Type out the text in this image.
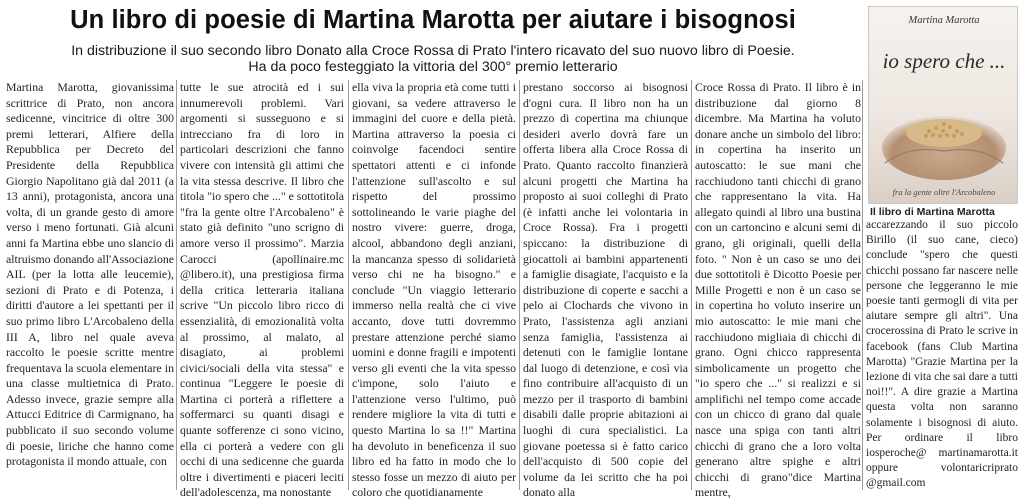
Un libro di poesie di Martina Marotta per aiutare i bisognosi
In distribuzione il suo secondo libro Donato alla Croce Rossa di Prato l'intero ricavato del suo nuovo libro di Poesie.
Ha da poco festeggiato la vittoria del 300° premio letterario

Martina Marotta, giovanissima scrittrice di Prato, non ancora sedicenne, vincitrice di oltre 300 premi letterari, Alfiere della Repubblica per Decreto del Presidente della Repubblica Giorgio Napolitano già dal 2011 (a 13 anni), protagonista, ancora una volta, di un grande gesto di amore verso i meno fortunati. Già alcuni anni fa Martina ebbe uno slancio di altruismo donando all'Associazione AIL (per la lotta alle leucemie), sezioni di Prato e di Potenza, i diritti d'autore a lei spettanti per il suo primo libro L'Arcobaleno della III A, libro nel quale aveva raccolto le poesie scritte mentre frequentava la scuola elementare in una classe multietnica di Prato. Adesso invece, grazie sempre alla Attucci Editrice di Carmignano, ha pubblicato il suo secondo volume di poesie, liriche che hanno come protagonista il mondo attuale, con

tutte le sue atrocità ed i sui innumerevoli problemi. Vari argomenti si susseguono e si intrecciano fra di loro in particolari descrizioni che fanno vivere con intensità gli attimi che la vita stessa descrive. Il libro che titola "io spero che ..." e sottotitola "fra la gente oltre l'Arcobaleno" è stato già definito "uno scrigno di amore verso il prossimo". Marzia Carocci (apollinaire.mc @libero.it), una prestigiosa firma della critica letteraria italiana scrive "Un piccolo libro ricco di essenzialità, di emozionalità volta al prossimo, al malato, al disagiato, ai problemi civici/sociali della vita stessa" e continua "Leggere le poesie di Martina ci porterà a riflettere a soffermarci su quanti disagi e quante sofferenze ci sono vicino, ella ci porterà a vedere con gli occhi di una sedicenne che guarda oltre i divertimenti e piaceri leciti dell'adolescenza, ma nonostante

ella viva la propria età come tutti i giovani, sa vedere attraverso le immagini del cuore e della pietà. Martina attraverso la poesia ci coinvolge facendoci sentire spettatori attenti e ci infonde l'attenzione sull'ascolto e sul rispetto del prossimo sottolineando le varie piaghe del nostro vivere: guerre, droga, alcool, abbandono degli anziani, la mancanza spesso di solidarietà verso chi ne ha bisogno." e conclude "Un viaggio letterario immerso nella realtà che ci vive accanto, dove tutti dovremmo prestare attenzione perché siamo uomini e donne fragili e impotenti verso gli eventi che la vita spesso c'impone, solo l'aiuto e l'attenzione verso l'ultimo, può rendere migliore la vita di tutti e questo Martina lo sa !!" Martina ha devoluto in beneficenza il suo libro ed ha fatto in modo che lo stesso fosse un mezzo di aiuto per coloro che quotidianamente

prestano soccorso ai bisognosi d'ogni cura. Il libro non ha un prezzo di copertina ma chiunque desideri averlo dovrà fare un offerta libera alla Croce Rossa di Prato. Quanto raccolto finanzierà alcuni progetti che Martina ha proposto ai suoi colleghi di Prato (è infatti anche lei volontaria in Croce Rossa). Fra i progetti spiccano: la distribuzione di giocattoli ai bambini appartenenti a famiglie disagiate, l'acquisto e la distribuzione di coperte e sacchi a pelo ai Clochards che vivono in Prato, l'assistenza agli anziani senza famiglia, l'assistenza ai detenuti con le famiglie lontane dal luogo di detenzione, e così via fino contribuire all'acquisto di un mezzo per il trasporto di bambini disabili dalle proprie abitazioni ai luoghi di cura specialistici. La giovane poetessa si è fatto carico dell'acquisto di 500 copie del volume da lei scritto che ha poi donato alla

Croce Rossa di Prato. Il libro è in distribuzione dal giorno 8 dicembre. Ma Martina ha voluto donare anche un simbolo del libro: in copertina ha inserito un autoscatto: le sue mani che racchiudono tanti chicchi di grano che rappresentano la vita. Ha allegato quindi al libro una bustina con un cartoncino e alcuni semi di grano, gli originali, quelli della foto. " Non è un caso se uno dei due sottotitoli è Dicotto Poesie per Mille Progetti e non è un caso se in copertina ho voluto inserire un mio autoscatto: le mie mani che racchiudono migliaia di chicchi di grano. Ogni chicco rappresenta simbolicamente un progetto che "io spero che ..." si realizzi e si amplifichi nel tempo come accade con un chicco di grano dal quale nasce una spiga con tanti altri chicchi di grano che a loro volta generano altre spighe e altri chicchi di grano"dice Martina mentre,

accarezzando il suo piccolo Birillo (il suo cane, cieco) conclude "spero che questi chicchi possano far nascere nelle persone che leggeranno le mie poesie tanti germogli di vita per aiutare sempre gli altri". Una crocerossina di Prato le scrive in facebook (fans Club Martina Marotta) "Grazie Martina per la lezione di vita che sai dare a tutti noi!!". A dire grazie a Martina questa volta non saranno solamente i bisognosi di aiuto. Per ordinare il libro iosperoche@ martinamarotta.it oppure volontaricriprato @gmail.com

Martina Marotta
io spero che ...
fra la gente oltre l'Arcobaleno
Il libro di Martina Marotta
